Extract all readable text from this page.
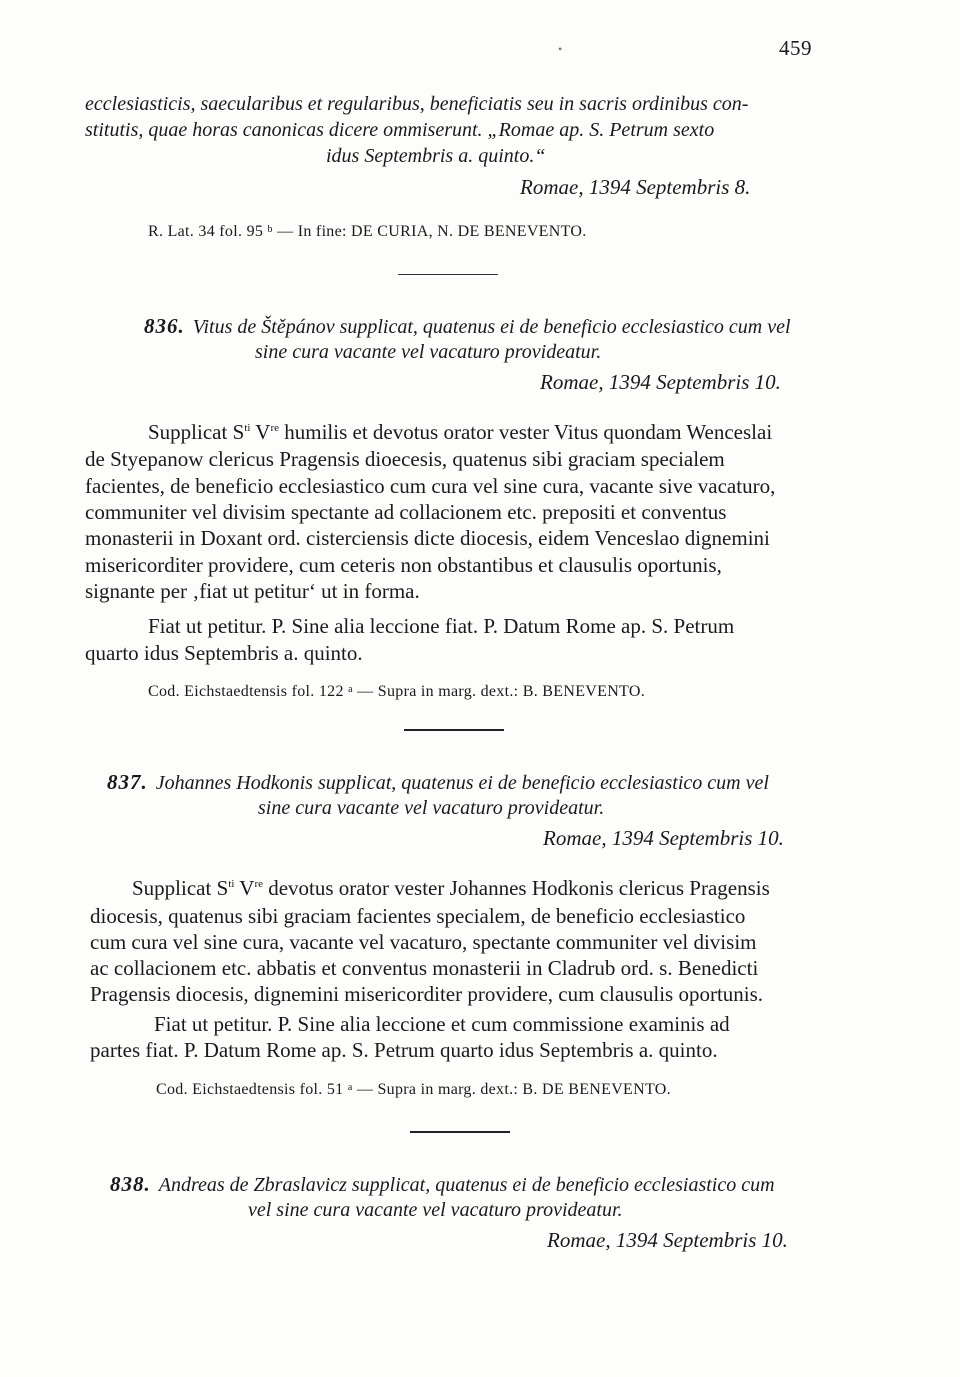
•	459
ecclesiasticis, saecularibus et regularibus, beneficiatis seu in sacris ordinibus con-
stitutis, quae horas canonicas dicere ommiserunt. „Romae ap. S. Petrum sexto
idus Septembris a. quinto.“
Romae, 1394 Septembris 8.
R. Lat. 34 fol. 95 $^b$ — In fine: DE CURIA, N. DE BENEVENTO.
836. Vitus de Štěpánov supplicat, quatenus ei de beneficio ecclesiastico cum vel
sine cura vacante vel vacaturo provideatur.
Romae, 1394 Septembris 10.
Supplicat $S^{ti}$ Vre humilis et devotus orator vester Vitus quondam Wenceslai
de Styepanow clericus Pragensis dioecesis, quatenus sibi graciam specialem
facientes, de beneficio ecclesiastico cum cura vel sine cura, vacante sive vacaturo,
communiter vel divisim spectante ad collacionem etc. prepositi et conventus
monasterii in Doxant ord. cisterciensis dicte diocesis, eidem Venceslao dignemini
misericorditer providere, cum ceteris non obstantibus et clausulis oportunis,
signante per ‚fiat ut petitur‘ ut in forma.
Fiat ut petitur. P. Sine alia leccione fiat. P. Datum Rome ap. S. Petrum
quarto idus Septembris a. quinto.
Cod. Eichstaedtensis fol. 122 $^a$ — Supra in marg. dext.: B. BENEVENTO.
837. Johannes Hodkonis supplicat, quatenus ei de beneficio ecclesiastico cum vel
sine cura vacante vel vacaturo provideatur.
Romae, 1394 Septembris 10.
Supplicat $S^{ti}$ Vre devotus orator vester Johannes Hodkonis clericus Pragensis
diocesis, quatenus sibi graciam facientes specialem, de beneficio ecclesiastico
cum cura vel sine cura, vacante vel vacaturo, spectante communiter vel divisim
ac collacionem etc. abbatis et conventus monasterii in Cladrub ord. s. Benedicti
Pragensis diocesis, dignemini misericorditer providere, cum clausulis oportunis.
Fiat ut petitur. P. Sine alia leccione et cum commissione examinis ad
partes fiat. P. Datum Rome ap. S. Petrum quarto idus Septembris a. quinto.
Cod. Eichstaedtensis fol. 51 $^a$ — Supra in marg. dext.: B. DE BENEVENTO.
838. Andreas de Zbraslavicz supplicat, quatenus ei de beneficio ecclesiastico cum
vel sine cura vacante vel vacaturo provideatur.
Romae, 1394 Septembris 10.
